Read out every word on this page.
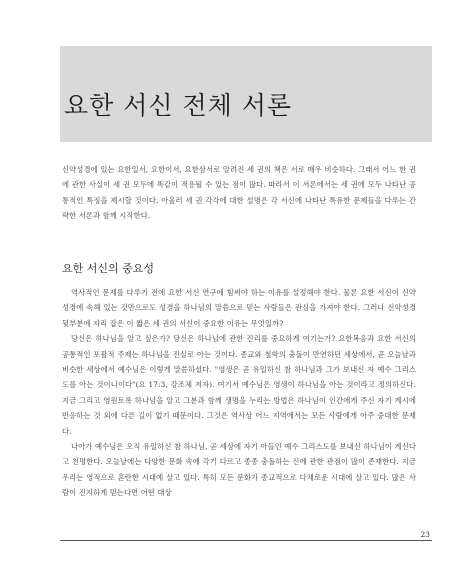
요한 서신 전체 서론

신약성경에 있는 요한일서, 요한이서, 요한삼서로 알려진 세 권의 책은 서로 매우 비슷하다. 그래서 어느 한 권에 관한 사실이 세 권 모두에 똑같이 적용될 수 있는 점이 많다. 따라서 이 서론에서는 세 권에 모두 나타난 공통적인 특징을 제시할 것이다. 아울러 세 권 각각에 대한 설명은 각 서신에 나타난 특유한 문제들을 다루는 간략한 서론과 함께 시작한다.

요한 서신의 중요성

역사적인 문제를 다루기 전에 요한 서신 연구에 힘써야 하는 이유를 설정해야 한다. 물론 요한 서신이 신약성경에 속해 있는 것만으로도 성경을 하나님의 말씀으로 믿는 사람들은 관심을 가져야 한다. 그러나 신약성경 뒷부분에 자리 잡은 이 짧은 세 권의 서신이 중요한 이유는 무엇일까?

당신은 하나님을 알고 싶은가? 당신은 하나님에 관한 진리를 중요하게 여기는가? 요한복음과 요한 서신의 공통적인 포괄적 주제는 하나님을 진실로 아는 것이다. 종교와 철학의 충돌이 만연하던 세상에서, 곧 오늘날과 비슷한 세상에서 예수님은 이렇게 말씀하셨다. "영생은 곧 유일하신 참 하나님과 그가 보내신 자 예수 그리스도를 아는 것이니이다"(요 17:3, 강조체 저자). 여기서 예수님은 영생이 하나님을 아는 것이라고 정의하신다. 지금 그리고 영원토록 하나님을 알고 그분과 함께 생명을 누리는 방법은 하나님이 인간에게 주신 자기 계시에 반응하는 것 외에 다른 길이 없기 때문이다. 그것은 역사상 어느 지역에서는 모든 사람에게 아주 중대한 문제다.

나아가 예수님은 오직 유일하신 참 하나님, 곧 세상에 자기 아들인 예수 그리스도를 보내신 하나님이 계신다고 천명한다. 오늘날에는 다양한 문화 속에 각기 다르고 종종 충돌하는 신에 관한 관점이 많이 존재한다. 지금 우리는 영적으로 혼란한 시대에 살고 있다. 특히 모든 문화가 종교적으로 다채로운 시대에 살고 있다. 많은 사람이 진지하게 믿는다면 어떤 대상

23
